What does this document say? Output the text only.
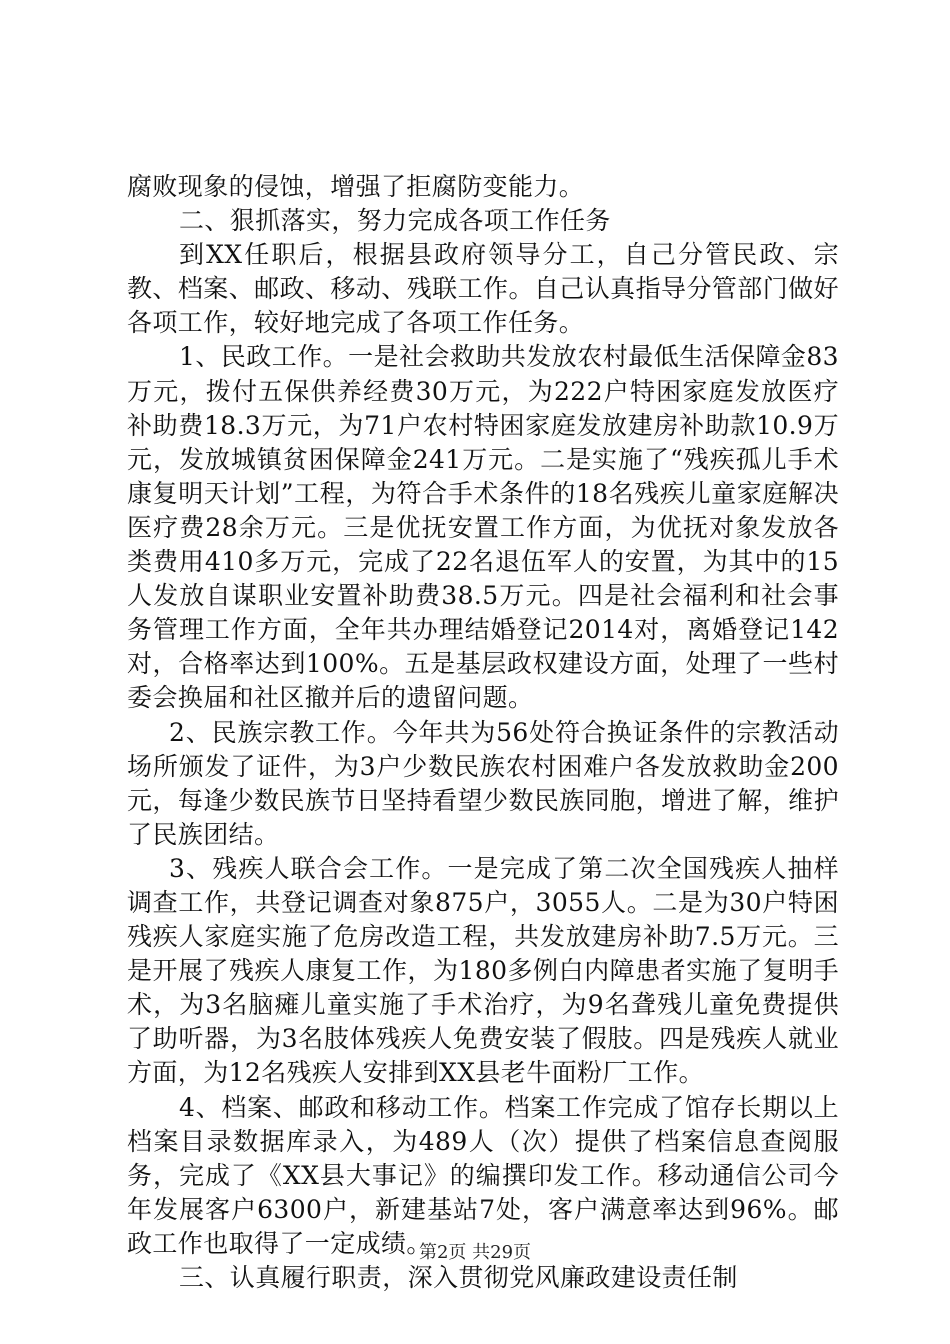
腐败现象的侵蚀，增强了拒腐防变能力。

二、狠抓落实，努力完成各项工作任务

到XX任职后，根据县政府领导分工，自己分管民政、宗教、档案、邮政、移动、残联工作。自己认真指导分管部门做好各项工作，较好地完成了各项工作任务。

1、民政工作。一是社会救助共发放农村最低生活保障金83万元，拨付五保供养经费30万元，为222户特困家庭发放医疗补助费18.3万元，为71户农村特困家庭发放建房补助款10.9万元，发放城镇贫困保障金241万元。二是实施了“残疾孤儿手术康复明天计划”工程，为符合手术条件的18名残疾儿童家庭解决医疗费28余万元。三是优抚安置工作方面，为优抚对象发放各类费用410多万元，完成了22名退伍军人的安置，为其中的15人发放自谋职业安置补助费38.5万元。四是社会福利和社会事务管理工作方面，全年共办理结婚登记2014对，离婚登记142对，合格率达到100%。五是基层政权建设方面，处理了一些村委会换届和社区撤并后的遗留问题。

2、民族宗教工作。今年共为56处符合换证条件的宗教活动场所颁发了证件，为3户少数民族农村困难户各发放救助金200元，每逢少数民族节日坚持看望少数民族同胞，增进了解，维护了民族团结。

3、残疾人联合会工作。一是完成了第二次全国残疾人抽样调查工作，共登记调查对象875户，3055人。二是为30户特困残疾人家庭实施了危房改造工程，共发放建房补助7.5万元。三是开展了残疾人康复工作，为180多例白内障患者实施了复明手术，为3名脑瘫儿童实施了手术治疗，为9名聋残儿童免费提供了助听器，为3名肢体残疾人免费安装了假肢。四是残疾人就业方面，为12名残疾人安排到XX县老牛面粉厂工作。

4、档案、邮政和移动工作。档案工作完成了馆存长期以上档案目录数据库录入，为489人（次）提供了档案信息查阅服务，完成了《XX县大事记》的编撰印发工作。移动通信公司今年发展客户6300户，新建基站7处，客户满意率达到96%。邮政工作也取得了一定成绩。

三、认真履行职责，深入贯彻党风廉政建设责任制

第2页 共29页
